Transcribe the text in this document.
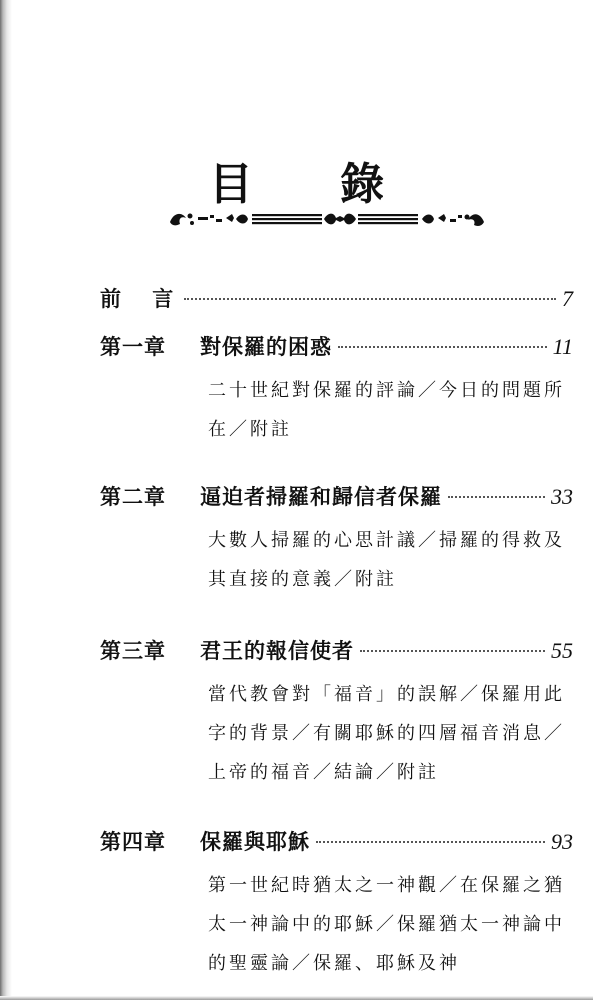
目 錄
前 言	7
第一章	對保羅的困惑	11
二十世紀對保羅的評論／今日的問題所在／附註
第二章	逼迫者掃羅和歸信者保羅	33
大數人掃羅的心思計議／掃羅的得救及其直接的意義／附註
第三章	君王的報信使者	55
當代教會對「福音」的誤解／保羅用此字的背景／有關耶穌的四層福音消息／上帝的福音／結論／附註
第四章	保羅與耶穌	93
第一世紀時猶太之一神觀／在保羅之猶太一神論中的耶穌／保羅猶太一神論中的聖靈論／保羅、耶穌及神
